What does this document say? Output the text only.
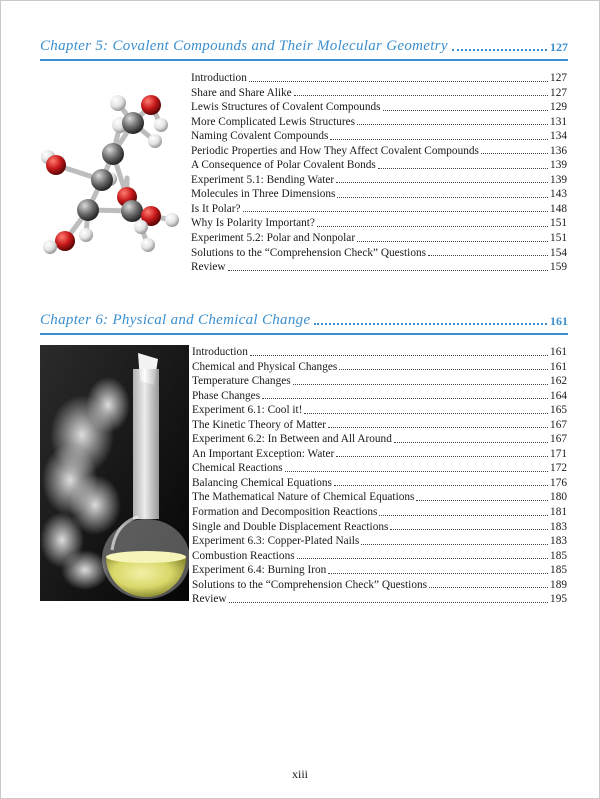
Chapter 5: Covalent Compounds and Their Molecular Geometry	127
Introduction	127
Share and Share Alike	127
Lewis Structures of Covalent Compounds	129
More Complicated Lewis Structures	131
Naming Covalent Compounds	134
Periodic Properties and How They Affect Covalent Compounds	136
A Consequence of Polar Covalent Bonds	139
Experiment 5.1: Bending Water	139
Molecules in Three Dimensions	143
Is It Polar?	148
Why Is Polarity Important?	151
Experiment 5.2: Polar and Nonpolar	151
Solutions to the “Comprehension Check” Questions	154
Review	159
Chapter 6: Physical and Chemical Change	161
Introduction	161
Chemical and Physical Changes	161
Temperature Changes	162
Phase Changes	164
Experiment 6.1: Cool it!	165
The Kinetic Theory of Matter	167
Experiment 6.2: In Between and All Around	167
An Important Exception: Water	171
Chemical Reactions	172
Balancing Chemical Equations	176
The Mathematical Nature of Chemical Equations	180
Formation and Decomposition Reactions	181
Single and Double Displacement Reactions	183
Experiment 6.3: Copper-Plated Nails	183
Combustion Reactions	185
Experiment 6.4: Burning Iron	185
Solutions to the “Comprehension Check” Questions	189
Review	195
xiii
